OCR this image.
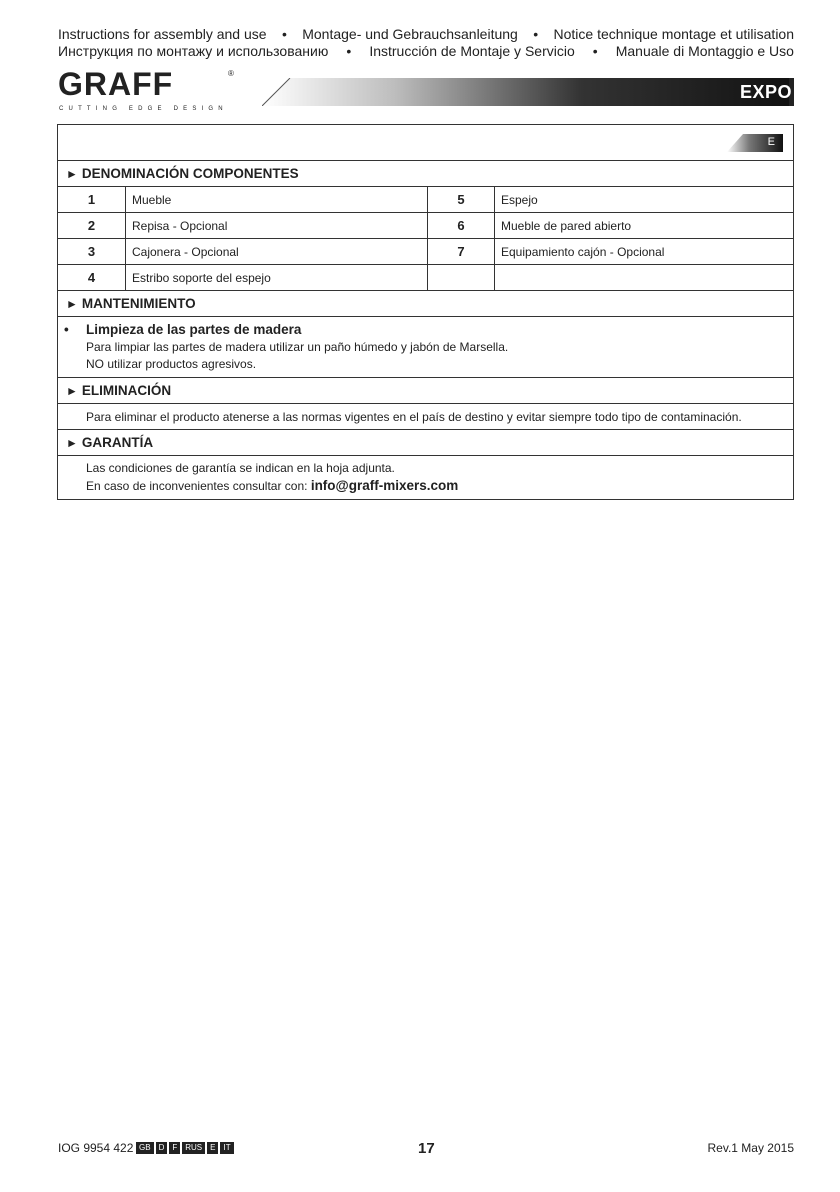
Instructions for assembly and use • Montage- und Gebrauchsanleitung • Notice technique montage et utilisation
Инструкция по монтажу и использованию • Instrucción de Montaje y Servicio • Manuale di Montaggio e Uso
GRAFF	®
CUTTING EDGE DESIGN
EXPO
E
► DENOMINACIÓN COMPONENTES
1	Mueble	5	Espejo
2	Repisa - Opcional	6	Mueble de pared abierto
3	Cajonera - Opcional	7	Equipamiento cajón - Opcional
4	Estribo soporte del espejo
► MANTENIMIENTO
• Limpieza de las partes de madera
Para limpiar las partes de madera utilizar un paño húmedo y jabón de Marsella.
NO utilizar productos agresivos.
► ELIMINACIÓN
Para eliminar el producto atenerse a las normas vigentes en el país de destino y evitar siempre todo tipo de contaminación.
► GARANTÍA
Las condiciones de garantía se indican en la hoja adjunta.
En caso de inconvenientes consultar con: info@graff-mixers.com
IOG 9954 422 GB	D	F	RUS	E	IT	17	Rev.1 May 2015
